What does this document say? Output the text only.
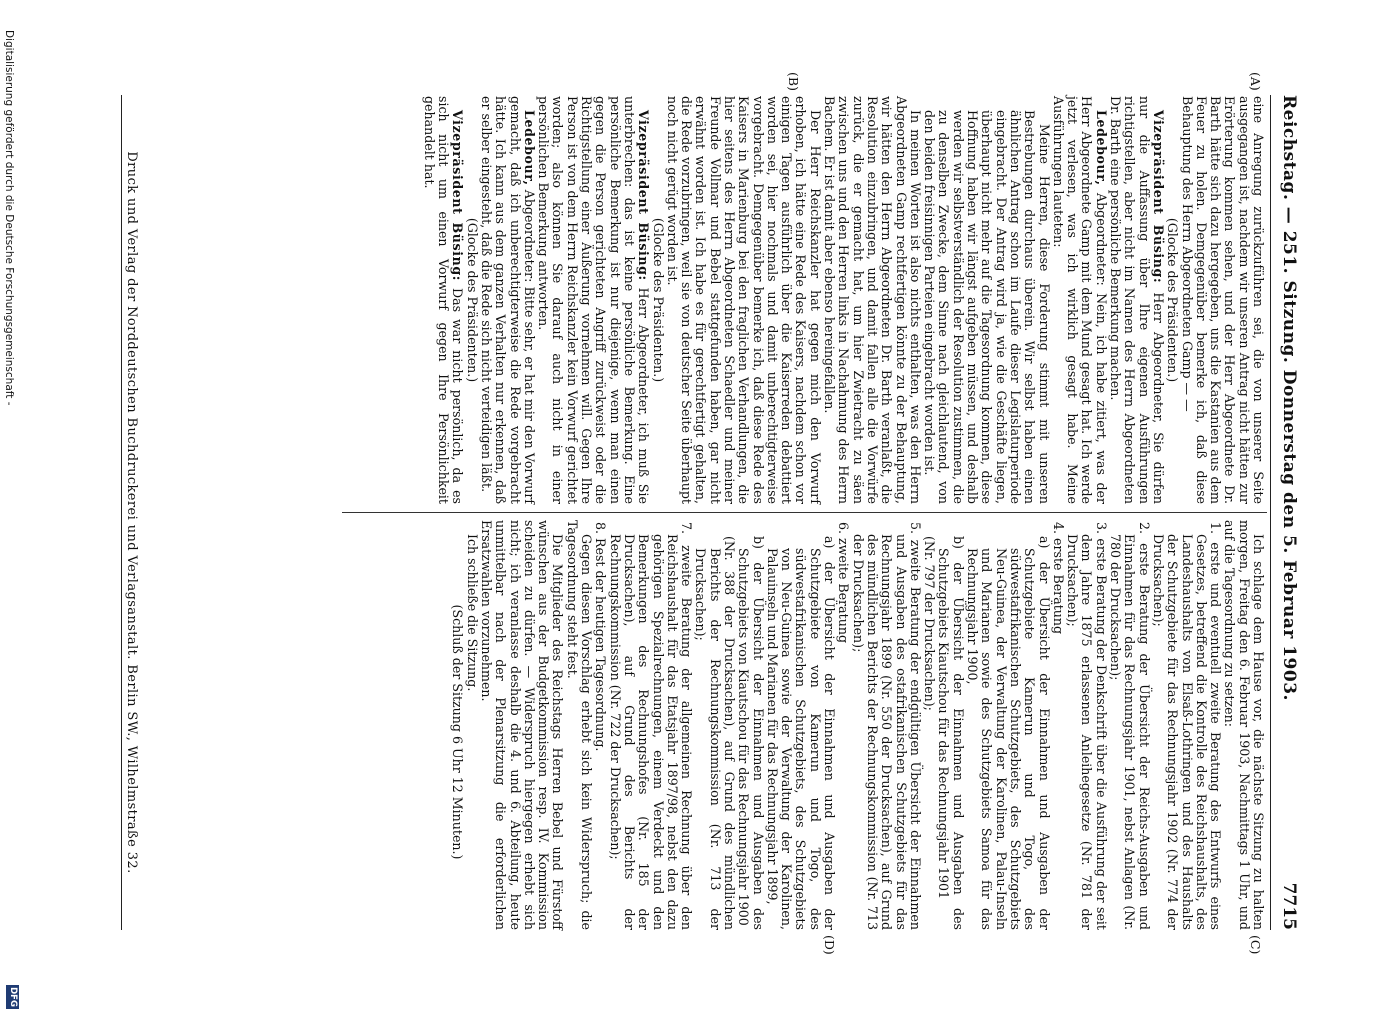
Reichstag. — 251. Sitzung. Donnerstag den 5. Februar 1903.
7715
(A)
(B)
(C)
(D)

eine Anregung zurückzuführen sei, die von unserer Seite ausgegangen ist, nachdem wir unseren Antrag nicht hätten zur Erörterung kommen sehen, und der Herr Abgeordnete Dr. Barth hätte sich dazu hergegeben, uns die Kastanien aus dem Feuer zu holen. Demgegenüber bemerke ich, daß diese Behauptung des Herrn Abgeordneten Gamp — —

(Glocke des Präsidenten.)

Vizepräsident Büsing: Herr Abgeordneter, Sie dürfen nur die Auffassung über Ihre eigenen Ausführungen richtigstellen, aber nicht im Namen des Herrn Abgeordneten Dr. Barth eine persönliche Bemerkung machen.

Ledebour, Abgeordneter: Nein, ich habe zitiert, was der Herr Abgeordnete Gamp mit dem Mund gesagt hat. Ich werde jetzt verlesen, was ich wirklich gesagt habe. Meine Ausführungen lauteten:

Meine Herren, diese Forderung stimmt mit unseren Bestrebungen durchaus überein. Wir selbst haben einen ähnlichen Antrag schon im Laufe dieser Legislaturperiode eingebracht. Der Antrag wird ja, wie die Geschäfte liegen, überhaupt nicht mehr auf die Tagesordnung kommen, diese Hoffnung haben wir längst aufgeben müssen, und deshalb werden wir selbstverständlich der Resolution zustimmen, die zu denselben Zwecke, dem Sinne nach gleichlautend, von den beiden freisinnigen Parteien eingebracht worden ist.

In meinen Worten ist also nichts enthalten, was den Herrn Abgeordneten Gamp rechtfertigen könnte zu der Behauptung, wir hätten den Herrn Abgeordneten Dr. Barth veranlaßt, die Resolution einzubringen, und damit fallen alle die Vorwürfe zurück, die er gemacht hat, um hier Zwietracht zu säen zwischen uns und den Herren links in Nachahmung des Herrn Bachem. Er ist damit aber ebenso hereingefallen.

Der Herr Reichskanzler hat gegen mich den Vorwurf erhoben, ich hätte eine Rede des Kaisers, nachdem schon vor einigen Tagen ausführlich über die Kaiserreden debattiert worden sei, hier nochmals und damit unberechtigterweise vorgebracht. Demgegenüber bemerke ich, daß diese Rede des Kaisers in Marienburg bei den fraglichen Verhandlungen, die hier seitens des Herrn Abgeordneten Schaedler und meiner Freunde Vollmar und Bebel stattgefunden haben, gar nicht erwähnt worden ist. Ich habe es für gerechtfertigt gehalten, die Rede vorzubringen, weil sie von deutscher Seite überhaupt noch nicht gerügt worden ist.

(Glocke des Präsidenten.)

Vizepräsident Büsing: Herr Abgeordneter, ich muß Sie unterbrechen: das ist keine persönliche Bemerkung. Eine persönliche Bemerkung ist nur diejenige, wenn man einen gegen die Person gerichteten Angriff zurückweist oder die Richtigstellung einer Äußerung vornehmen will. Gegen Ihre Person ist von dem Herrn Reichskanzler kein Vorwurf gerichtet worden; also können Sie darauf auch nicht in einer persönlichen Bemerkung antworten.

Ledebour, Abgeordneter: Bitte sehr, er hat mir den Vorwurf gemacht, daß ich unberechtigterweise die Rede vorgebracht hätte. Ich kann aus dem ganzen Verhalten nur erkennen, daß er selber eingesteht, daß die Rede sich nicht verteidigen läßt.

(Glocke des Präsidenten.)

Vizepräsident Büsing: Das war nicht persönlich, da es sich nicht um einen Vorwurf gegen Ihre Persönlichkeit gehandelt hat.

Ich schlage dem Hause vor, die nächste Sitzung zu halten morgen, Freitag den 6. Februar 1903, Nachmittags 1 Uhr, und auf die Tagesordnung zu setzen:

1. erste und eventuell zweite Beratung des Entwurfs eines Gesetzes, betreffend die Kontrolle des Reichshaushalts, des Landeshaushalts von Elsaß-Lothringen und des Haushalts der Schutzgebiete für das Rechnungsjahr 1902 (Nr. 774 der Drucksachen);
2. erste Beratung der Übersicht der Reichs-Ausgaben und Einnahmen für das Rechnungsjahr 1901, nebst Anlagen (Nr. 780 der Drucksachen);
3. erste Beratung der Denkschrift über die Ausführung der seit dem Jahre 1875 erlassenen Anleihegesetze (Nr. 781 der Drucksachen);
4. erste Beratung
a) der Übersicht der Einnahmen und Ausgaben der Schutzgebiete Kamerun und Togo, des südwestafrikanischen Schutzgebiets, des Schutzgebiets Neu-Guinea, der Verwaltung der Karolinen, Palau-Inseln und Marianen sowie des Schutzgebiets Samoa für das Rechnungsjahr 1900,
b) der Übersicht der Einnahmen und Ausgaben des Schutzgebiets Kiautschou für das Rechnungsjahr 1901
(Nr. 797 der Drucksachen);
5. zweite Beratung der endgültigen Übersicht der Einnahmen und Ausgaben des ostafrikanischen Schutzgebiets für das Rechnungsjahr 1899 (Nr. 550 der Drucksachen), auf Grund des mündlichen Berichts der Rechnungskommission (Nr. 713 der Drucksachen);
6. zweite Beratung
a) der Übersicht der Einnahmen und Ausgaben der Schutzgebiete von Kamerun und Togo, des südwestafrikanischen Schutzgebiets, des Schutzgebiets von Neu-Guinea sowie der Verwaltung der Karolinen, Palauinseln und Marianen für das Rechnungsjahr 1899,
b) der Übersicht der Einnahmen und Ausgaben des Schutzgebiets von Kiautschou für das Rechnungsjahr 1900
(Nr. 388 der Drucksachen), auf Grund des mündlichen Berichts der Rechnungskommission (Nr. 713 der Drucksachen);
7. zweite Beratung der allgemeinen Rechnung über den Reichshaushalt für das Etatsjahr 1897/98, nebst den dazu gehörigen Spezialrechnungen, einem Verdeckt und den Bemerkungen des Rechnungshofes (Nr. 185 der Drucksachen), auf Grund des Berichts der Rechnungskommission (Nr. 722 der Drucksachen);
8. Rest der heutigen Tagesordnung.

Gegen diesen Vorschlag erhebt sich kein Widerspruch; die Tagesordnung steht fest.

Die Mitglieder des Reichstags Herren Bebel und Fürstoff wünschen aus der Budgetkommission resp. IV. Kommission scheiden zu dürfen. — Widerspruch hiergegen erhebt sich nicht; ich veranlasse deshalb die 4. und 6. Abteilung, heute unmittelbar nach der Plenarsitzung die erforderlichen Ersatzwahlen vorzunehmen.

Ich schließe die Sitzung.

(Schluß der Sitzung 6 Uhr 12 Minuten.)

Druck und Verlag der Norddeutschen Buchdruckerei und Verlagsanstalt. Berlin SW., Wilhelmstraße 32.
Digitalisierung gefördert durch die Deutsche Forschungsgemeinschaft -
DFG
